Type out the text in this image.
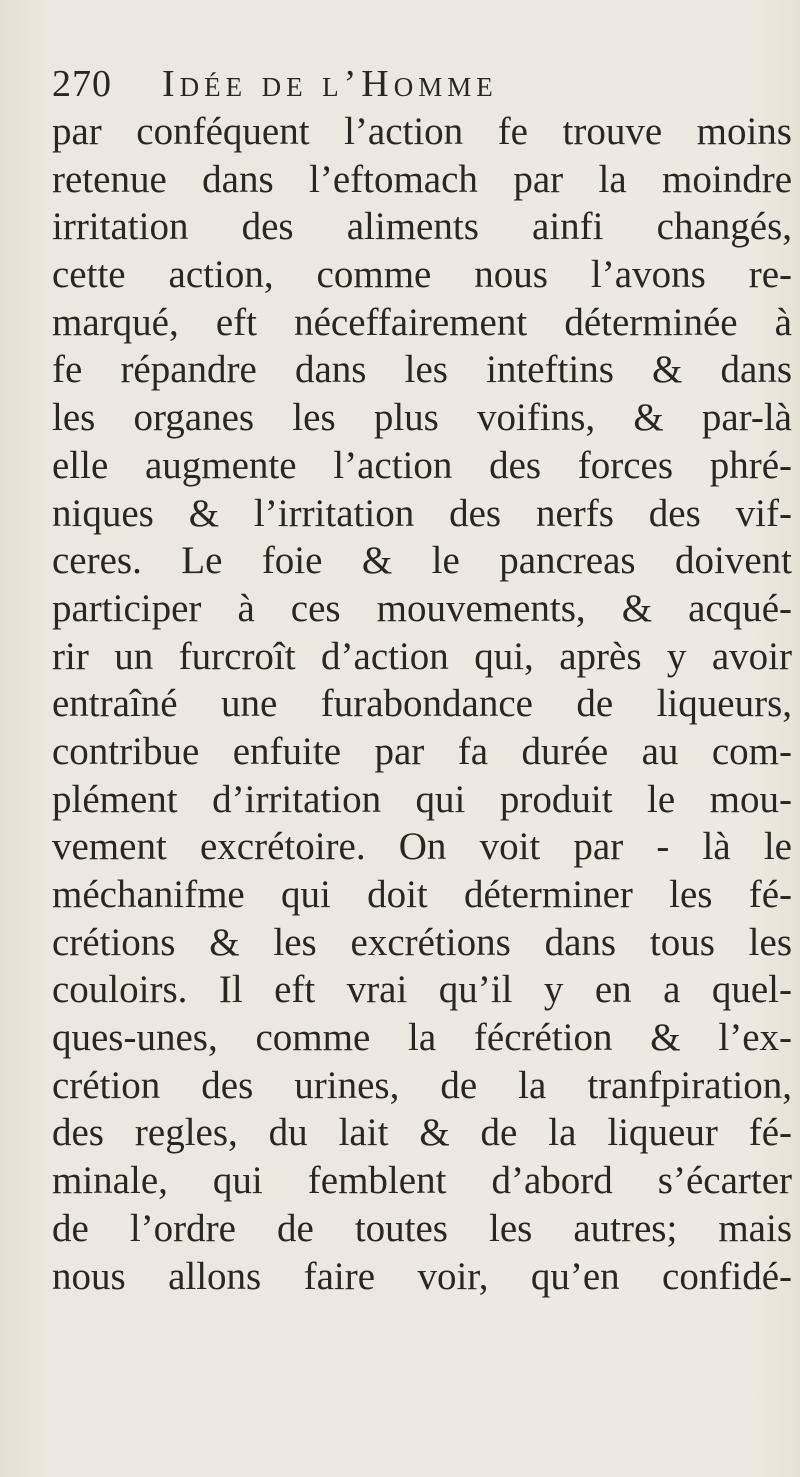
270 Idée de l’Homme
par conféquent l’action fe trouve moins
retenue dans l’eftomach par la moindre
irritation des aliments ainfi changés,
cette action, comme nous l’avons re-
marqué, eft néceffairement déterminée à
fe répandre dans les inteftins & dans
les organes les plus voifins, & par-là
elle augmente l’action des forces phré-
niques & l’irritation des nerfs des vif-
ceres. Le foie & le pancreas doivent
participer à ces mouvements, & acqué-
rir un furcroît d’action qui, après y avoir
entraîné une furabondance de liqueurs,
contribue enfuite par fa durée au com-
plément d’irritation qui produit le mou-
vement excrétoire. On voit par - là le
méchanifme qui doit déterminer les fé-
crétions & les excrétions dans tous les
couloirs. Il eft vrai qu’il y en a quel-
ques-unes, comme la fécrétion & l’ex-
crétion des urines, de la tranfpiration,
des regles, du lait & de la liqueur fé-
minale, qui femblent d’abord s’écarter
de l’ordre de toutes les autres; mais
nous allons faire voir, qu’en confidé-
